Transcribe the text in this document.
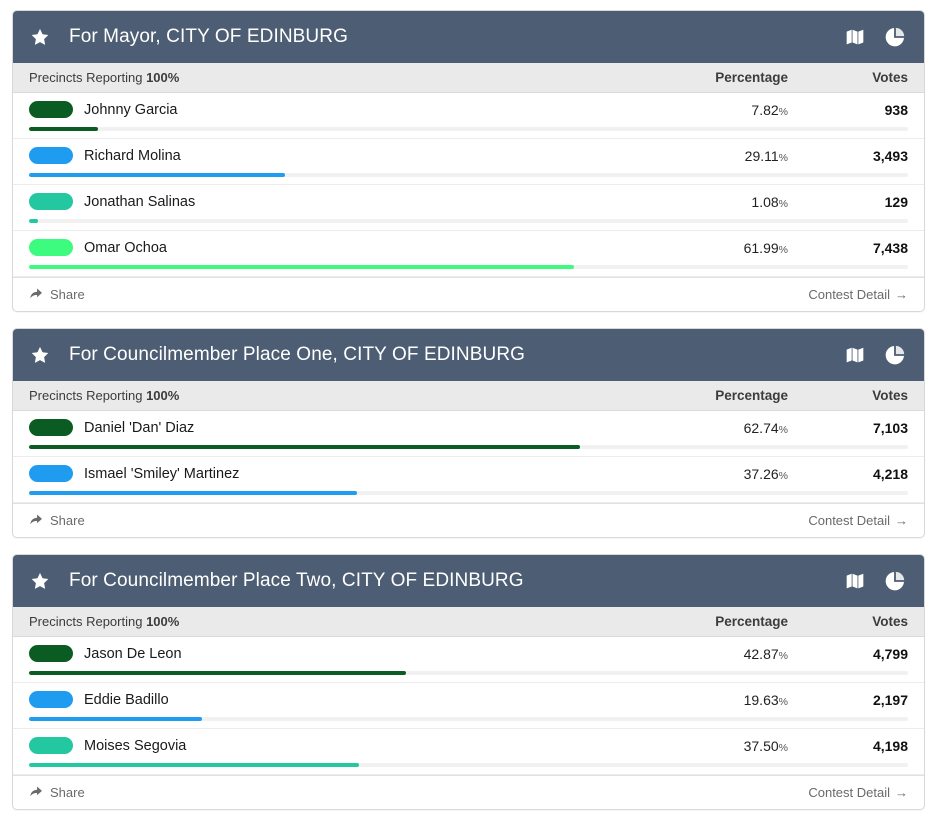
For Mayor, CITY OF EDINBURG
Precincts Reporting 100%	Percentage	Votes
Johnny Garcia	7.82%	938
Richard Molina	29.11%	3,493
Jonathan Salinas	1.08%	129
Omar Ochoa	61.99%	7,438
Share	Contest Detail →
For Councilmember Place One, CITY OF EDINBURG
Precincts Reporting 100%	Percentage	Votes
Daniel 'Dan' Diaz	62.74%	7,103
Ismael 'Smiley' Martinez	37.26%	4,218
Share	Contest Detail →
For Councilmember Place Two, CITY OF EDINBURG
Precincts Reporting 100%	Percentage	Votes
Jason De Leon	42.87%	4,799
Eddie Badillo	19.63%	2,197
Moises Segovia	37.50%	4,198
Share	Contest Detail →
